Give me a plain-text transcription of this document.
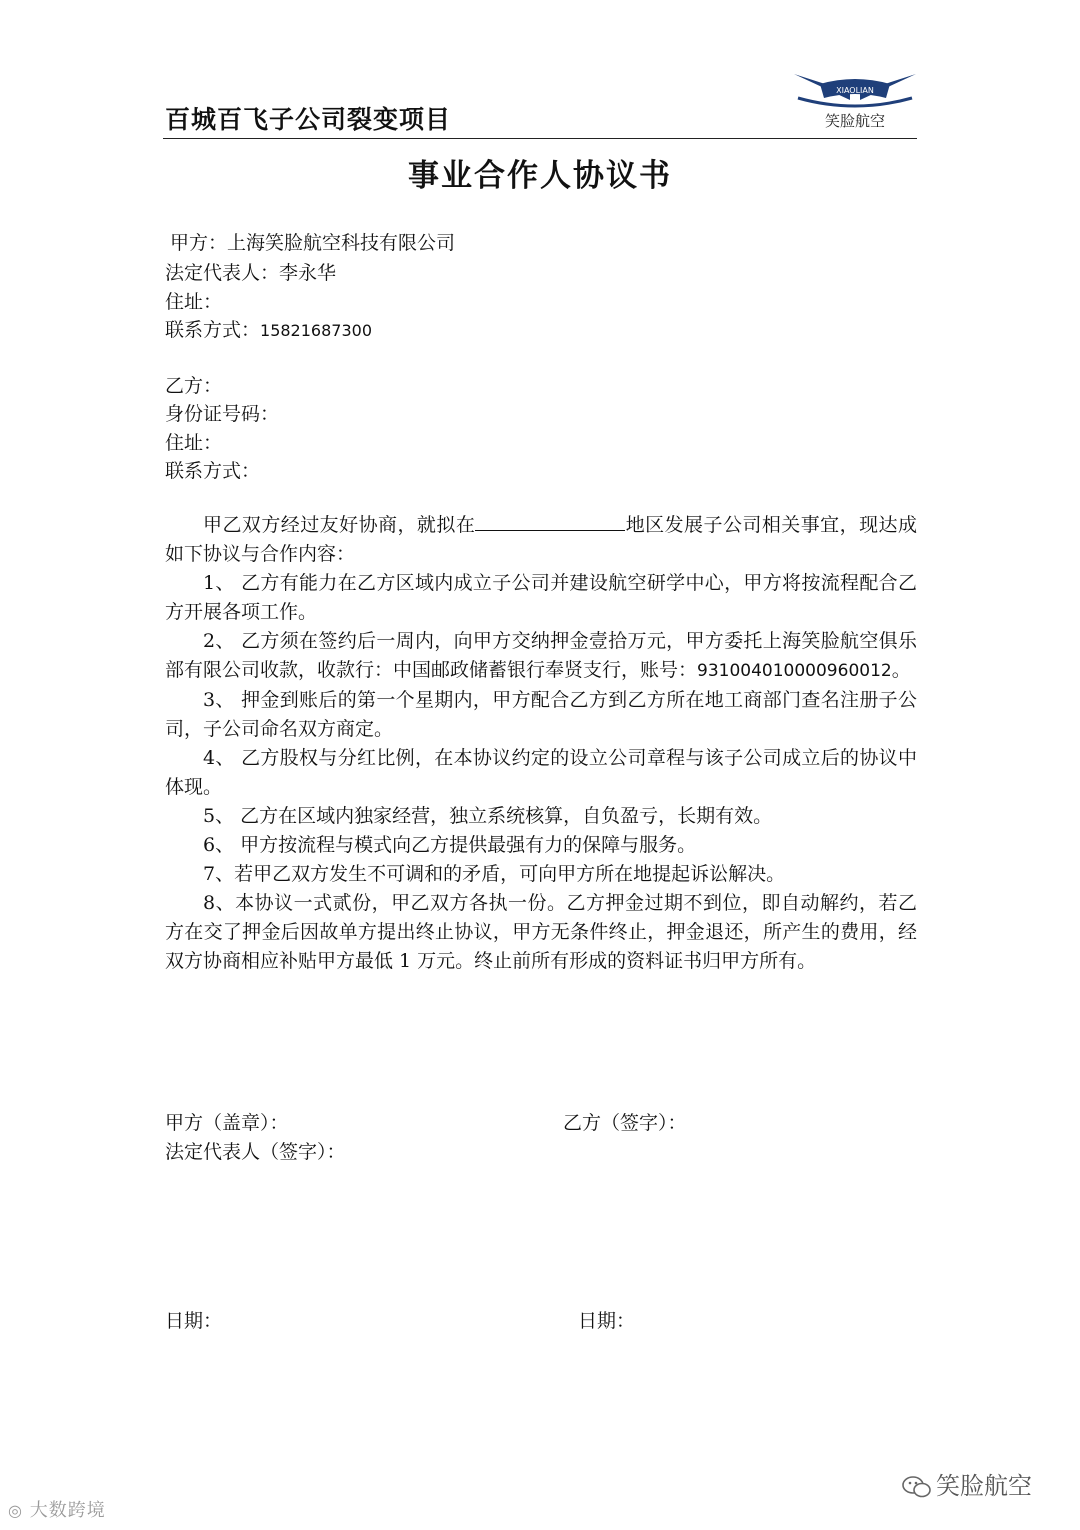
百城百飞子公司裂变项目
XIAOLIAN
笑脸航空
事业合作人协议书
甲方：上海笑脸航空科技有限公司
法定代表人：李永华
住址：
联系方式：15821687300
乙方：
身份证号码：
住址：
联系方式：

甲乙双方经过友好协商，就拟在	地区发展子公司相关事宜，现达成如下协议与合作内容：

1、 乙方有能力在乙方区域内成立子公司并建设航空研学中心，甲方将按流程配合乙方开展各项工作。

2、 乙方须在签约后一周内，向甲方交纳押金壹拾万元，甲方委托上海笑脸航空俱乐部有限公司收款，收款行：中国邮政储蓄银行奉贤支行，账号：931004010000960012。

3、 押金到账后的第一个星期内，甲方配合乙方到乙方所在地工商部门查名注册子公司，子公司命名双方商定。

4、 乙方股权与分红比例，在本协议约定的设立公司章程与该子公司成立后的协议中体现。

5、 乙方在区域内独家经营，独立系统核算，自负盈亏，长期有效。

6、 甲方按流程与模式向乙方提供最强有力的保障与服务。

7、若甲乙双方发生不可调和的矛盾，可向甲方所在地提起诉讼解决。

8、本协议一式贰份，甲乙双方各执一份。乙方押金过期不到位，即自动解约，若乙方在交了押金后因故单方提出终止协议，甲方无条件终止，押金退还，所产生的费用，经双方协商相应补贴甲方最低 1 万元。终止前所有形成的资料证书归甲方所有。

甲方（盖章）：	乙方（签字）：
法定代表人（签字）：
日期：	日期：
◎ 大数跨境
笑脸航空
